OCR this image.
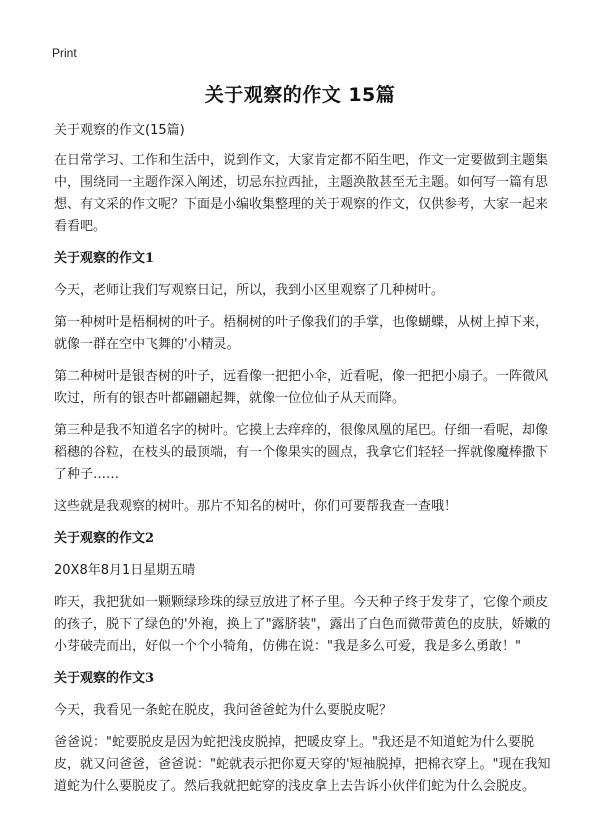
Print
关于观察的作文 15篇

关于观察的作文(15篇)

在日常学习、工作和生活中，说到作文，大家肯定都不陌生吧，作文一定要做到主题集中，围绕同一主题作深入阐述，切忌东拉西扯，主题涣散甚至无主题。如何写一篇有思想、有文采的作文呢？下面是小编收集整理的关于观察的作文，仅供参考，大家一起来看看吧。

关于观察的作文1

今天，老师让我们写观察日记，所以，我到小区里观察了几种树叶。

第一种树叶是梧桐树的叶子。梧桐树的叶子像我们的手掌，也像蝴蝶，从树上掉下来，就像一群在空中飞舞的'小精灵。

第二种树叶是银杏树的叶子，远看像一把把小伞，近看呢，像一把把小扇子。一阵微风吹过，所有的银杏叶都翩翩起舞，就像一位位仙子从天而降。

第三种是我不知道名字的树叶。它摸上去痒痒的，很像凤凰的尾巴。仔细一看呢，却像稻穗的谷粒，在枝头的最顶端，有一个像果实的圆点，我拿它们轻轻一挥就像魔棒撒下了种子……

这些就是我观察的树叶。那片不知名的树叶，你们可要帮我查一查哦！

关于观察的作文2

20X8年8月1日星期五晴

昨天，我把犹如一颗颗绿珍珠的绿豆放进了杯子里。今天种子终于发芽了，它像个顽皮的孩子，脱下了绿色的'外袍，换上了"露脐装"，露出了白色而微带黄色的皮肤，娇嫩的小芽破壳而出，好似一个个小犄角，仿佛在说："我是多么可爱，我是多么勇敢！"

关于观察的作文3

今天，我看见一条蛇在脱皮，我问爸爸蛇为什么要脱皮呢？

爸爸说："蛇要脱皮是因为蛇把浅皮脱掉，把暖皮穿上。"我还是不知道蛇为什么要脱皮，就又问爸爸，爸爸说："蛇就表示把你夏天穿的'短袖脱掉，把棉衣穿上。"现在我知道蛇为什么要脱皮了。然后我就把蛇穿的浅皮拿上去告诉小伙伴们蛇为什么会脱皮。
